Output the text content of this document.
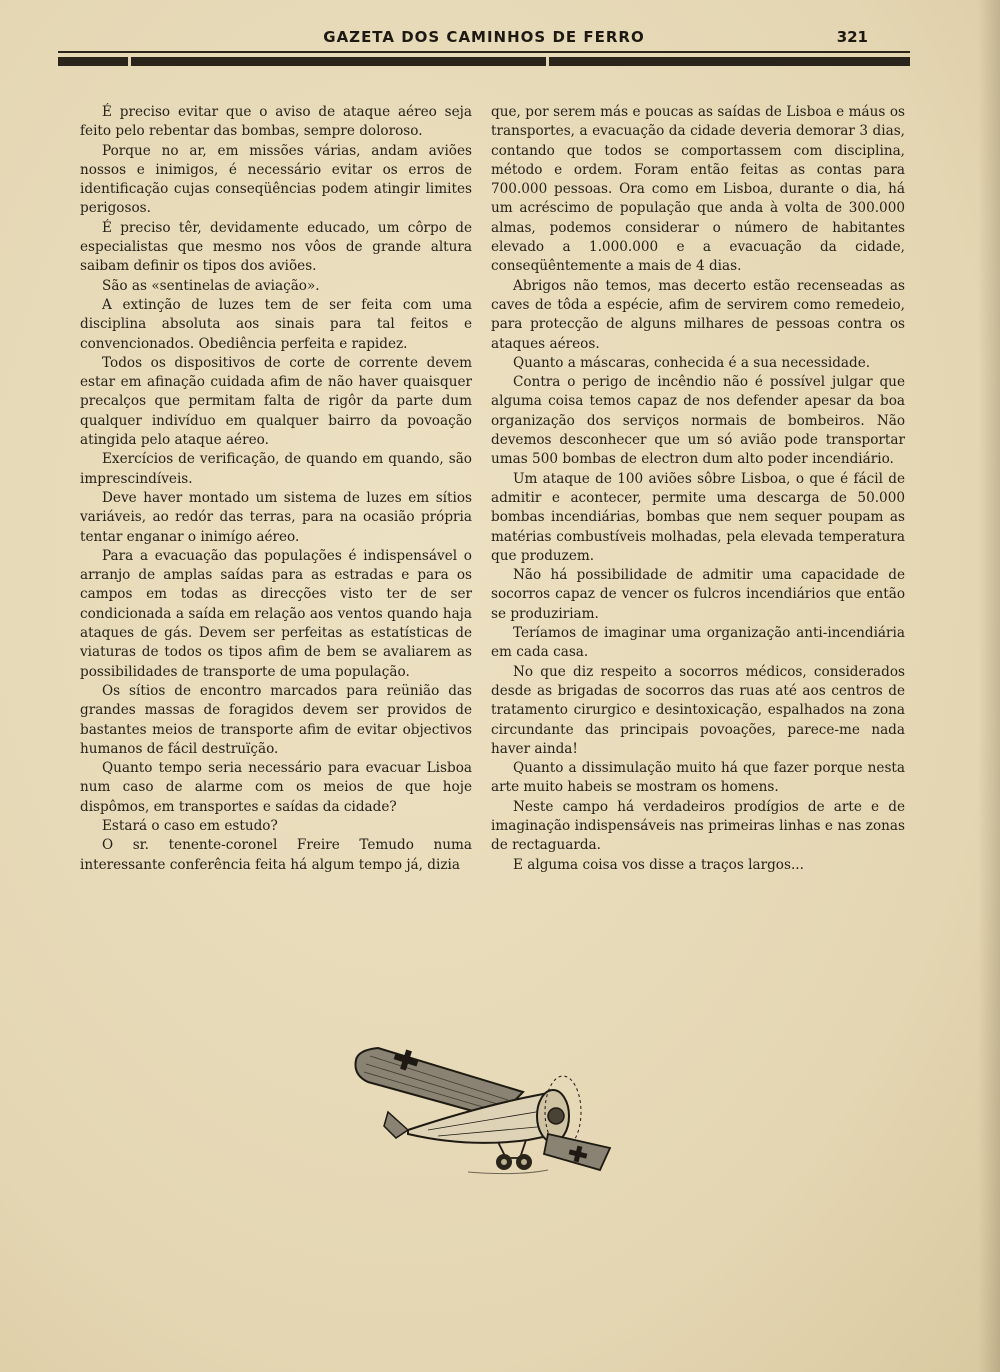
GAZETA DOS CAMINHOS DE FERRO	321

É preciso evitar que o aviso de ataque aéreo seja feito pelo rebentar das bombas, sempre doloroso.

Porque no ar, em missões várias, andam aviões nossos e inimigos, é necessário evitar os erros de identificação cujas conseqüências podem atingir limites perigosos.

É preciso têr, devidamente educado, um côrpo de especialistas que mesmo nos vôos de grande altura saibam definir os tipos dos aviões.

São as «sentinelas de aviação».

A extinção de luzes tem de ser feita com uma disciplina absoluta aos sinais para tal feitos e convencionados. Obediência perfeita e rapidez.

Todos os dispositivos de corte de corrente devem estar em afinação cuidada afim de não haver quaisquer precalços que permitam falta de rigôr da parte dum qualquer indivíduo em qualquer bairro da povoação atingida pelo ataque aéreo.

Exercícios de verificação, de quando em quando, são imprescindíveis.

Deve haver montado um sistema de luzes em sítios variáveis, ao redór das terras, para na ocasião própria tentar enganar o inimígo aéreo.

Para a evacuação das populações é indispensável o arranjo de amplas saídas para as estradas e para os campos em todas as direcções visto ter de ser condicionada a saída em relação aos ventos quando haja ataques de gás. Devem ser perfeitas as estatísticas de viaturas de todos os tipos afim de bem se avaliarem as possibilidades de transporte de uma população.

Os sítios de encontro marcados para reünião das grandes massas de foragidos devem ser providos de bastantes meios de transporte afim de evitar objectivos humanos de fácil destruïção.

Quanto tempo seria necessário para evacuar Lisboa num caso de alarme com os meios de que hoje dispômos, em transportes e saídas da cidade?

Estará o caso em estudo?

O sr. tenente-coronel Freire Temudo numa interessante conferência feita há algum tempo já, dizia

que, por serem más e poucas as saídas de Lisboa e máus os transportes, a evacuação da cidade deveria demorar 3 dias, contando que todos se comportassem com disciplina, método e ordem. Foram então feitas as contas para 700.000 pessoas. Ora como em Lisboa, durante o dia, há um acréscimo de população que anda à volta de 300.000 almas, podemos considerar o número de habitantes elevado a 1.000.000 e a evacuação da cidade, conseqüêntemente a mais de 4 dias.

Abrigos não temos, mas decerto estão recenseadas as caves de tôda a espécie, afim de servirem como remedeio, para protecção de alguns milhares de pessoas contra os ataques aéreos.

Quanto a máscaras, conhecida é a sua necessidade.

Contra o perigo de incêndio não é possível julgar que alguma coisa temos capaz de nos defender apesar da boa organização dos serviços normais de bombeiros. Não devemos desconhecer que um só avião pode transportar umas 500 bombas de electron dum alto poder incendiário.

Um ataque de 100 aviões sôbre Lisboa, o que é fácil de admitir e acontecer, permite uma descarga de 50.000 bombas incendiárias, bombas que nem sequer poupam as matérias combustíveis molhadas, pela elevada temperatura que produzem.

Não há possibilidade de admitir uma capacidade de socorros capaz de vencer os fulcros incendiários que então se produziriam.

Teríamos de imaginar uma organização anti-incendiária em cada casa.

No que diz respeito a socorros médicos, considerados desde as brigadas de socorros das ruas até aos centros de tratamento cirurgico e desintoxicação, espalhados na zona circundante das principais povoações, parece-me nada haver ainda!

Quanto a dissimulação muito há que fazer porque nesta arte muito habeis se mostram os homens.

Neste campo há verdadeiros prodígios de arte e de imaginação indispensáveis nas primeiras linhas e nas zonas de rectaguarda.

E alguma coisa vos disse a traços largos...
